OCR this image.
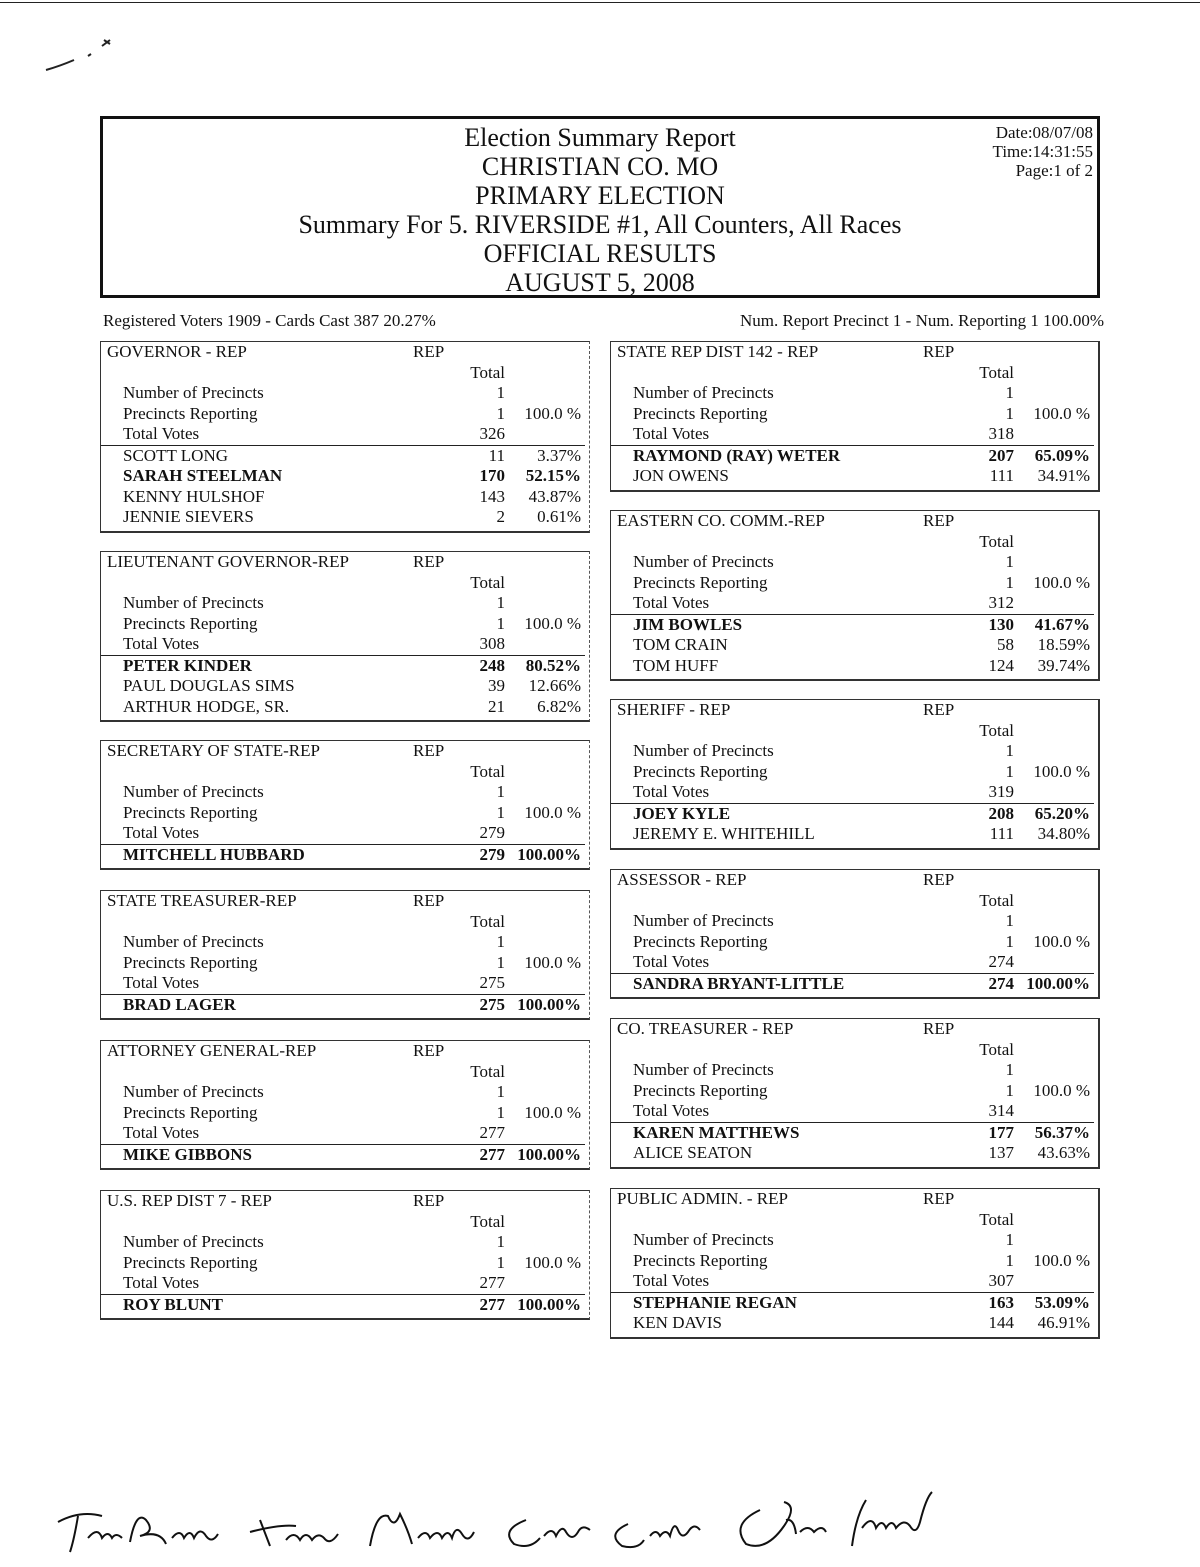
Election Summary Report
CHRISTIAN CO. MO
PRIMARY ELECTION
Summary For 5. RIVERSIDE #1, All Counters, All Races
OFFICIAL RESULTS
AUGUST 5, 2008
Date:08/07/08
Time:14:31:55
Page:1 of 2
Registered Voters 1909 - Cards Cast 387 20.27%	Num. Report Precinct 1 - Num. Reporting 1 100.00%
GOVERNOR - REP	REP
Total
Number of Precincts	1
Precincts Reporting	1 100.0 %
Total Votes	326
SCOTT LONG	11 3.37%
SARAH STEELMAN	170 52.15%
KENNY HULSHOF	143 43.87%
JENNIE SIEVERS	2 0.61%
LIEUTENANT GOVERNOR-REP	REP
Total
Number of Precincts	1
Precincts Reporting	1 100.0 %
Total Votes	308
PETER KINDER	248 80.52%
PAUL DOUGLAS SIMS	39 12.66%
ARTHUR HODGE, SR.	21 6.82%
SECRETARY OF STATE-REP	REP
Total
Number of Precincts	1
Precincts Reporting	1 100.0 %
Total Votes	279
MITCHELL HUBBARD	279 100.00%
STATE TREASURER-REP	REP
Total
Number of Precincts	1
Precincts Reporting	1 100.0 %
Total Votes	275
BRAD LAGER	275 100.00%
ATTORNEY GENERAL-REP	REP
Total
Number of Precincts	1
Precincts Reporting	1 100.0 %
Total Votes	277
MIKE GIBBONS	277 100.00%
U.S. REP DIST 7 - REP	REP
Total
Number of Precincts	1
Precincts Reporting	1 100.0 %
Total Votes	277
ROY BLUNT	277 100.00%
STATE REP DIST 142 - REP	REP
Total
Number of Precincts	1
Precincts Reporting	1 100.0 %
Total Votes	318
RAYMOND (RAY) WETER	207 65.09%
JON OWENS	111 34.91%
EASTERN CO. COMM.-REP	REP
Total
Number of Precincts	1
Precincts Reporting	1 100.0 %
Total Votes	312
JIM BOWLES	130 41.67%
TOM CRAIN	58 18.59%
TOM HUFF	124 39.74%
SHERIFF - REP	REP
Total
Number of Precincts	1
Precincts Reporting	1 100.0 %
Total Votes	319
JOEY KYLE	208 65.20%
JEREMY E. WHITEHILL	111 34.80%
ASSESSOR - REP	REP
Total
Number of Precincts	1
Precincts Reporting	1 100.0 %
Total Votes	274
SANDRA BRYANT-LITTLE	274 100.00%
CO. TREASURER - REP	REP
Total
Number of Precincts	1
Precincts Reporting	1 100.0 %
Total Votes	314
KAREN MATTHEWS	177 56.37%
ALICE SEATON	137 43.63%
PUBLIC ADMIN. - REP	REP
Total
Number of Precincts	1
Precincts Reporting	1 100.0 %
Total Votes	307
STEPHANIE REGAN	163 53.09%
KEN DAVIS	144 46.91%
